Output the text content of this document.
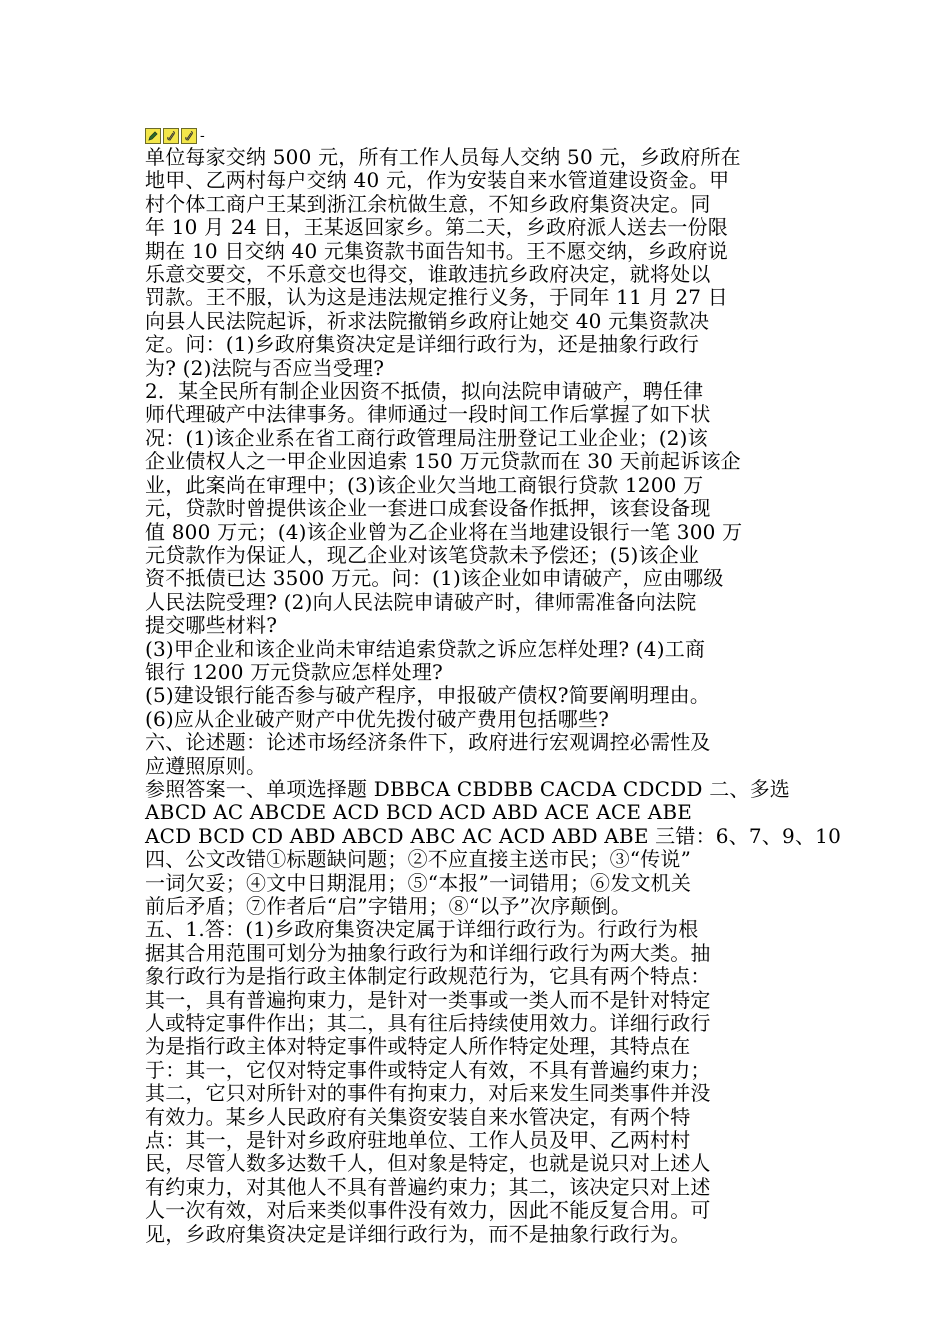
-
单位每家交纳 500 元，所有工作人员每人交纳 50 元，乡政府所在
地甲、乙两村每户交纳 40 元，作为安装自来水管道建设资金。甲
村个体工商户王某到浙江余杭做生意，不知乡政府集资决定。同
年 10 月 24 日，王某返回家乡。第二天，乡政府派人送去一份限
期在 10 日交纳 40 元集资款书面告知书。王不愿交纳，乡政府说
乐意交要交，不乐意交也得交，谁敢违抗乡政府决定，就将处以
罚款。王不服，认为这是违法规定推行义务，于同年 11 月 27 日
向县人民法院起诉，祈求法院撤销乡政府让她交 40 元集资款决
定。问：(1)乡政府集资决定是详细行政行为，还是抽象行政行
为? (2)法院与否应当受理?
2．某全民所有制企业因资不抵债，拟向法院申请破产，聘任律
师代理破产中法律事务。律师通过一段时间工作后掌握了如下状
况：(1)该企业系在省工商行政管理局注册登记工业企业；(2)该
企业债权人之一甲企业因追索 150 万元贷款而在 30 天前起诉该企
业，此案尚在审理中；(3)该企业欠当地工商银行贷款 1200 万
元，贷款时曾提供该企业一套进口成套设备作抵押，该套设备现
值 800 万元；(4)该企业曾为乙企业将在当地建设银行一笔 300 万
元贷款作为保证人，现乙企业对该笔贷款未予偿还；(5)该企业
资不抵债已达 3500 万元。问：(1)该企业如申请破产，应由哪级
人民法院受理? (2)向人民法院申请破产时，律师需准备向法院
提交哪些材料?
(3)甲企业和该企业尚未审结追索贷款之诉应怎样处理? (4)工商
银行 1200 万元贷款应怎样处理?
(5)建设银行能否参与破产程序，申报破产债权?简要阐明理由。
(6)应从企业破产财产中优先拨付破产费用包括哪些?
六、论述题：论述市场经济条件下，政府进行宏观调控必需性及
应遵照原则。
参照答案一、单项选择题 DBBCA CBDBB CACDA CDCDD 二、多选
ABCD AC ABCDE ACD BCD ACD ABD ACE ACE ABE
ACD BCD CD ABD ABCD ABC AC ACD ABD ABE 三错：6、7、9、10
四、公文改错①标题缺问题；②不应直接主送市民；③“传说”
一词欠妥；④文中日期混用；⑤“本报”一词错用；⑥发文机关
前后矛盾；⑦作者后“启”字错用；⑧“以予”次序颠倒。
五、1.答：(1)乡政府集资决定属于详细行政行为。行政行为根
据其合用范围可划分为抽象行政行为和详细行政行为两大类。抽
象行政行为是指行政主体制定行政规范行为，它具有两个特点：
其一，具有普遍拘束力，是针对一类事或一类人而不是针对特定
人或特定事件作出；其二，具有往后持续使用效力。详细行政行
为是指行政主体对特定事件或特定人所作特定处理，其特点在
于：其一，它仅对特定事件或特定人有效，不具有普遍约束力；
其二，它只对所针对的事件有拘束力，对后来发生同类事件并没
有效力。某乡人民政府有关集资安装自来水管决定，有两个特
点：其一，是针对乡政府驻地单位、工作人员及甲、乙两村村
民，尽管人数多达数千人，但对象是特定，也就是说只对上述人
有约束力，对其他人不具有普遍约束力；其二，该决定只对上述
人一次有效，对后来类似事件没有效力，因此不能反复合用。可
见，乡政府集资决定是详细行政行为，而不是抽象行政行为。
